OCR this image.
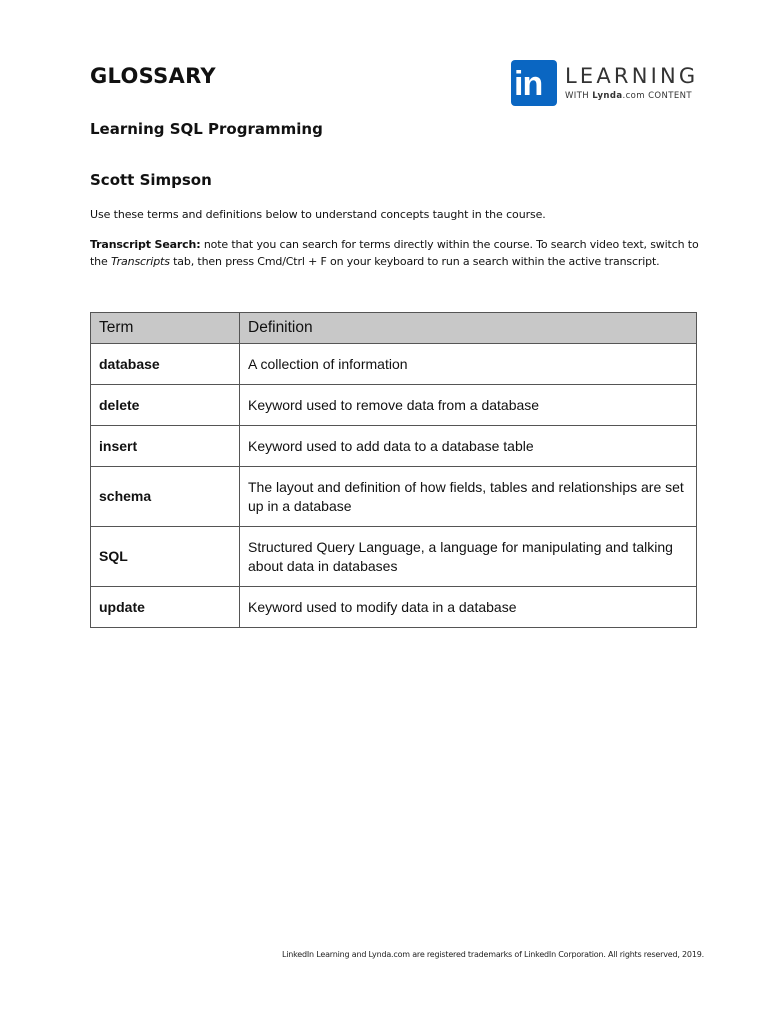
GLOSSARY	in LEARNING
WITH Lynda.com CONTENT
Learning SQL Programming
Scott Simpson

Use these terms and definitions below to understand concepts taught in the course.

Transcript Search: note that you can search for terms directly within the course. To search video text, switch to the Transcripts tab, then press Cmd/Ctrl + F on your keyboard to run a search within the active transcript.

Term	Definition
database	A collection of information
delete	Keyword used to remove data from a database
insert	Keyword used to add data to a database table
schema	The layout and definition of how fields, tables and relationships are set up in a database
SQL	Structured Query Language, a language for manipulating and talking about data in databases
update	Keyword used to modify data in a database

LinkedIn Learning and Lynda.com are registered trademarks of LinkedIn Corporation. All rights reserved, 2019.
